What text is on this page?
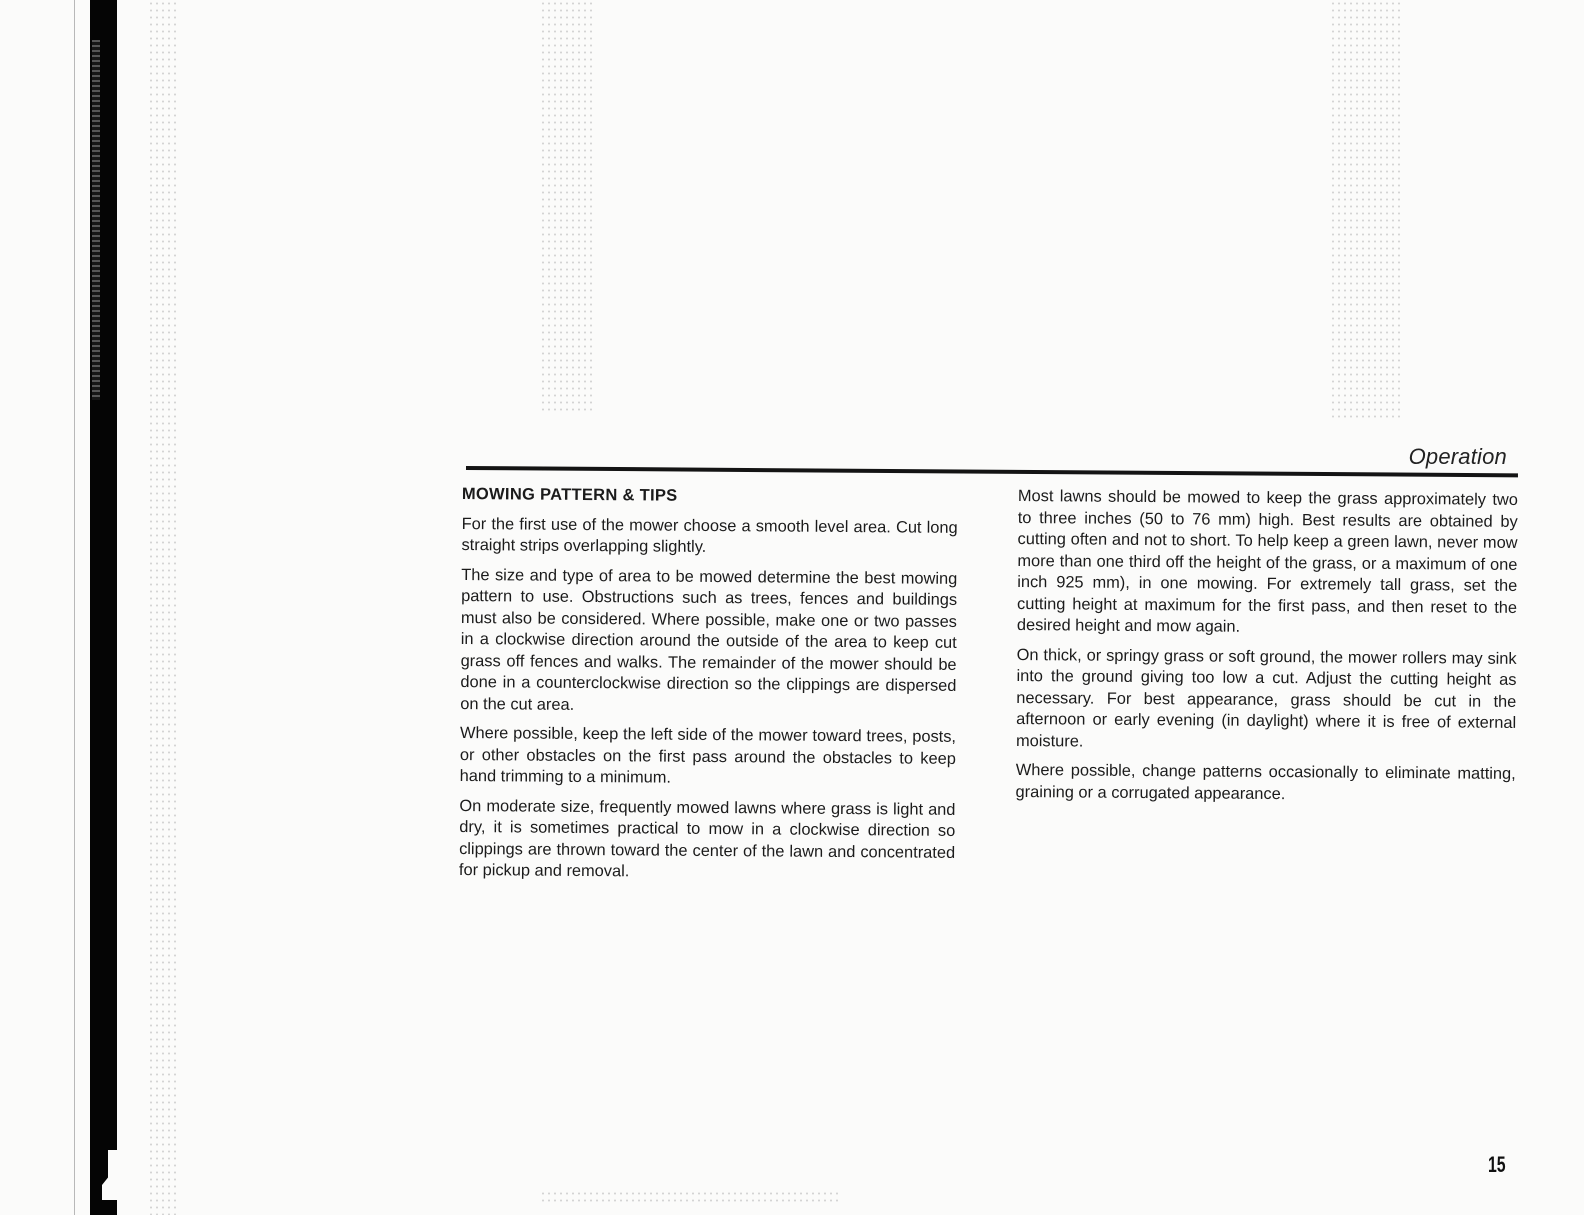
Operation
MOWING PATTERN & TIPS

For the first use of the mower choose a smooth level area. Cut long straight strips overlapping slightly.

The size and type of area to be mowed determine the best mowing pattern to use. Obstructions such as trees, fences and buildings must also be considered. Where possible, make one or two passes in a clockwise direction around the outside of the area to keep cut grass off fences and walks. The remainder of the mower should be done in a counterclockwise direction so the clippings are dispersed on the cut area.

Where possible, keep the left side of the mower toward trees, posts, or other obstacles on the first pass around the obstacles to keep hand trimming to a minimum.

On moderate size, frequently mowed lawns where grass is light and dry, it is sometimes practical to mow in a clockwise direction so clippings are thrown toward the center of the lawn and concentrated for pickup and removal.

Most lawns should be mowed to keep the grass approximately two to three inches (50 to 76 mm) high. Best results are obtained by cutting often and not to short. To help keep a green lawn, never mow more than one third off the height of the grass, or a maximum of one inch 925 mm), in one mowing. For extremely tall grass, set the cutting height at maximum for the first pass, and then reset to the desired height and mow again.

On thick, or springy grass or soft ground, the mower rollers may sink into the ground giving too low a cut. Adjust the cutting height as necessary. For best appearance, grass should be cut in the afternoon or early evening (in daylight) where it is free of external moisture.

Where possible, change patterns occasionally to eliminate matting, graining or a corrugated appearance.

15
